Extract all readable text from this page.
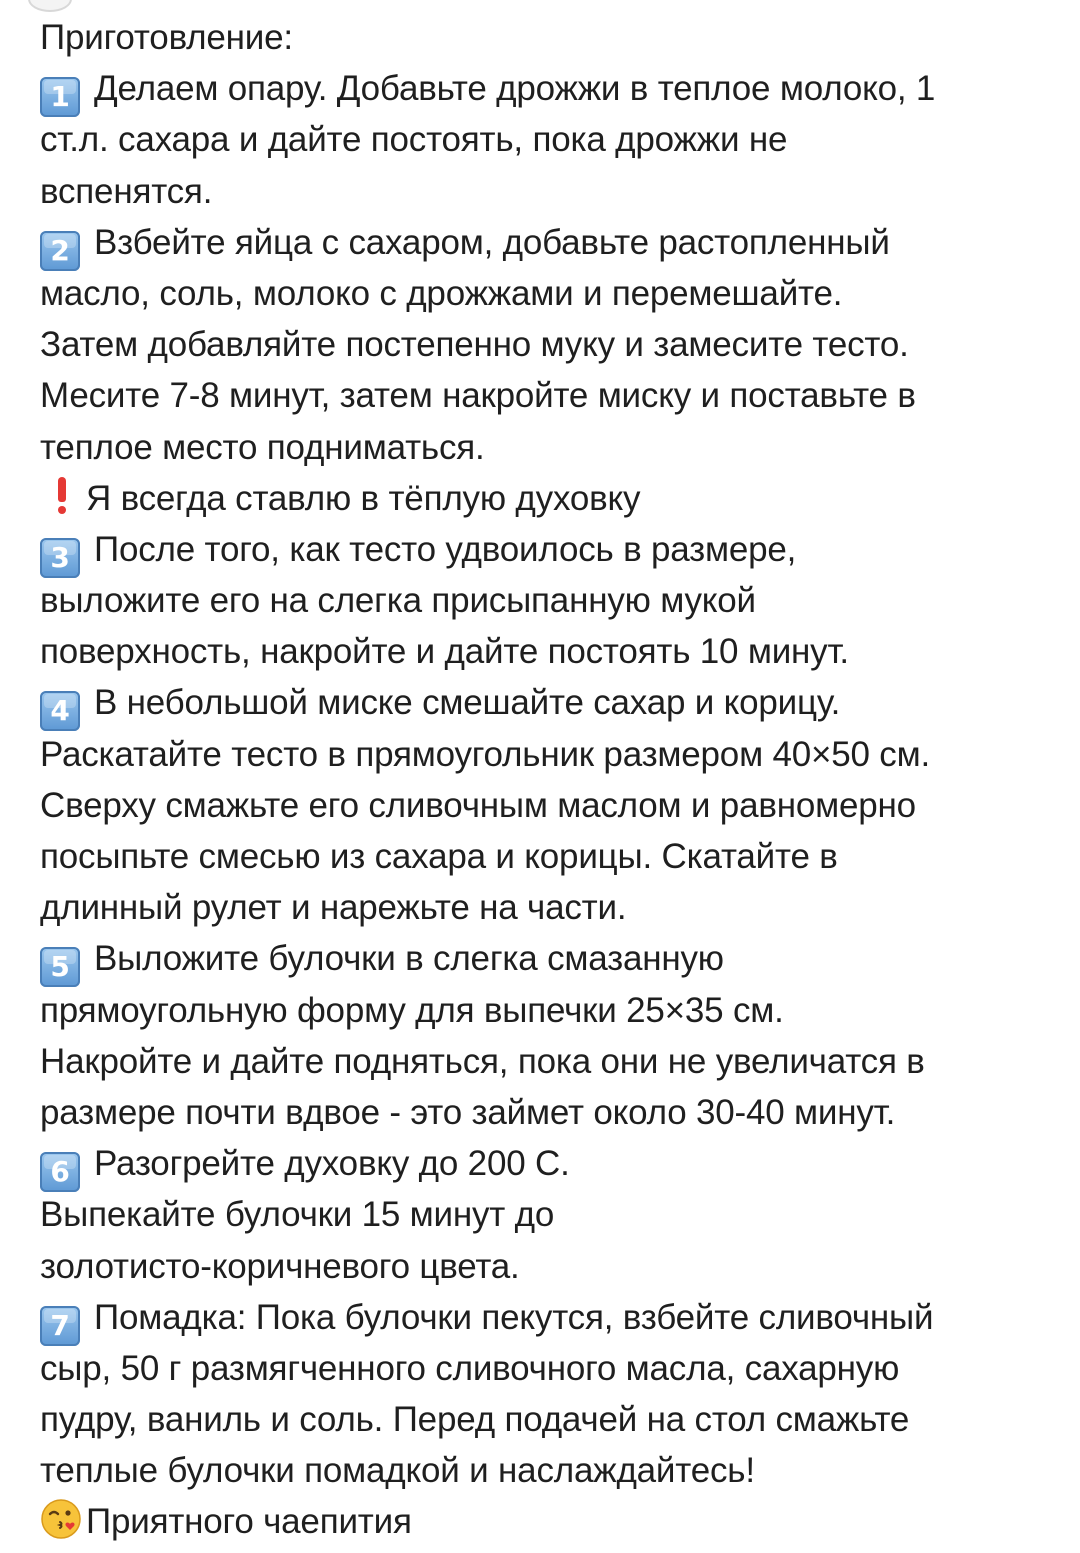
Приготовление:
1 Делаем опару. Добавьте дрожжи в теплое молоко, 1
ст.л. сахара и дайте постоять, пока дрожжи не
вспенятся.
2 Взбейте яйца с сахаром, добавьте растопленный
масло, соль, молоко с дрожжами и перемешайте.
Затем добавляйте постепенно муку и замесите тесто.
Месите 7-8 минут, затем накройте миску и поставьте в
теплое место подниматься.
Я всегда ставлю в тёплую духовку
3 После того, как тесто удвоилось в размере,
выложите его на слегка присыпанную мукой
поверхность, накройте и дайте постоять 10 минут.
4 В небольшой миске смешайте сахар и корицу.
Раскатайте тесто в прямоугольник размером 40×50 см.
Сверху смажьте его сливочным маслом и равномерно
посыпьте смесью из сахара и корицы. Скатайте в
длинный рулет и нарежьте на части.
5 Выложите булочки в слегка смазанную
прямоугольную форму для выпечки 25×35 см.
Накройте и дайте подняться, пока они не увеличатся в
размере почти вдвое - это займет около 30-40 минут.
6 Разогрейте духовку до 200 С.
Выпекайте булочки 15 минут до
золотисто-коричневого цвета.
7 Помадка: Пока булочки пекутся, взбейте сливочный
сыр, 50 г размягченного сливочного масла, сахарную
пудру, ваниль и соль. Перед подачей на стол смажьте
теплые булочки помадкой и наслаждайтесь!
Приятного чаепития
